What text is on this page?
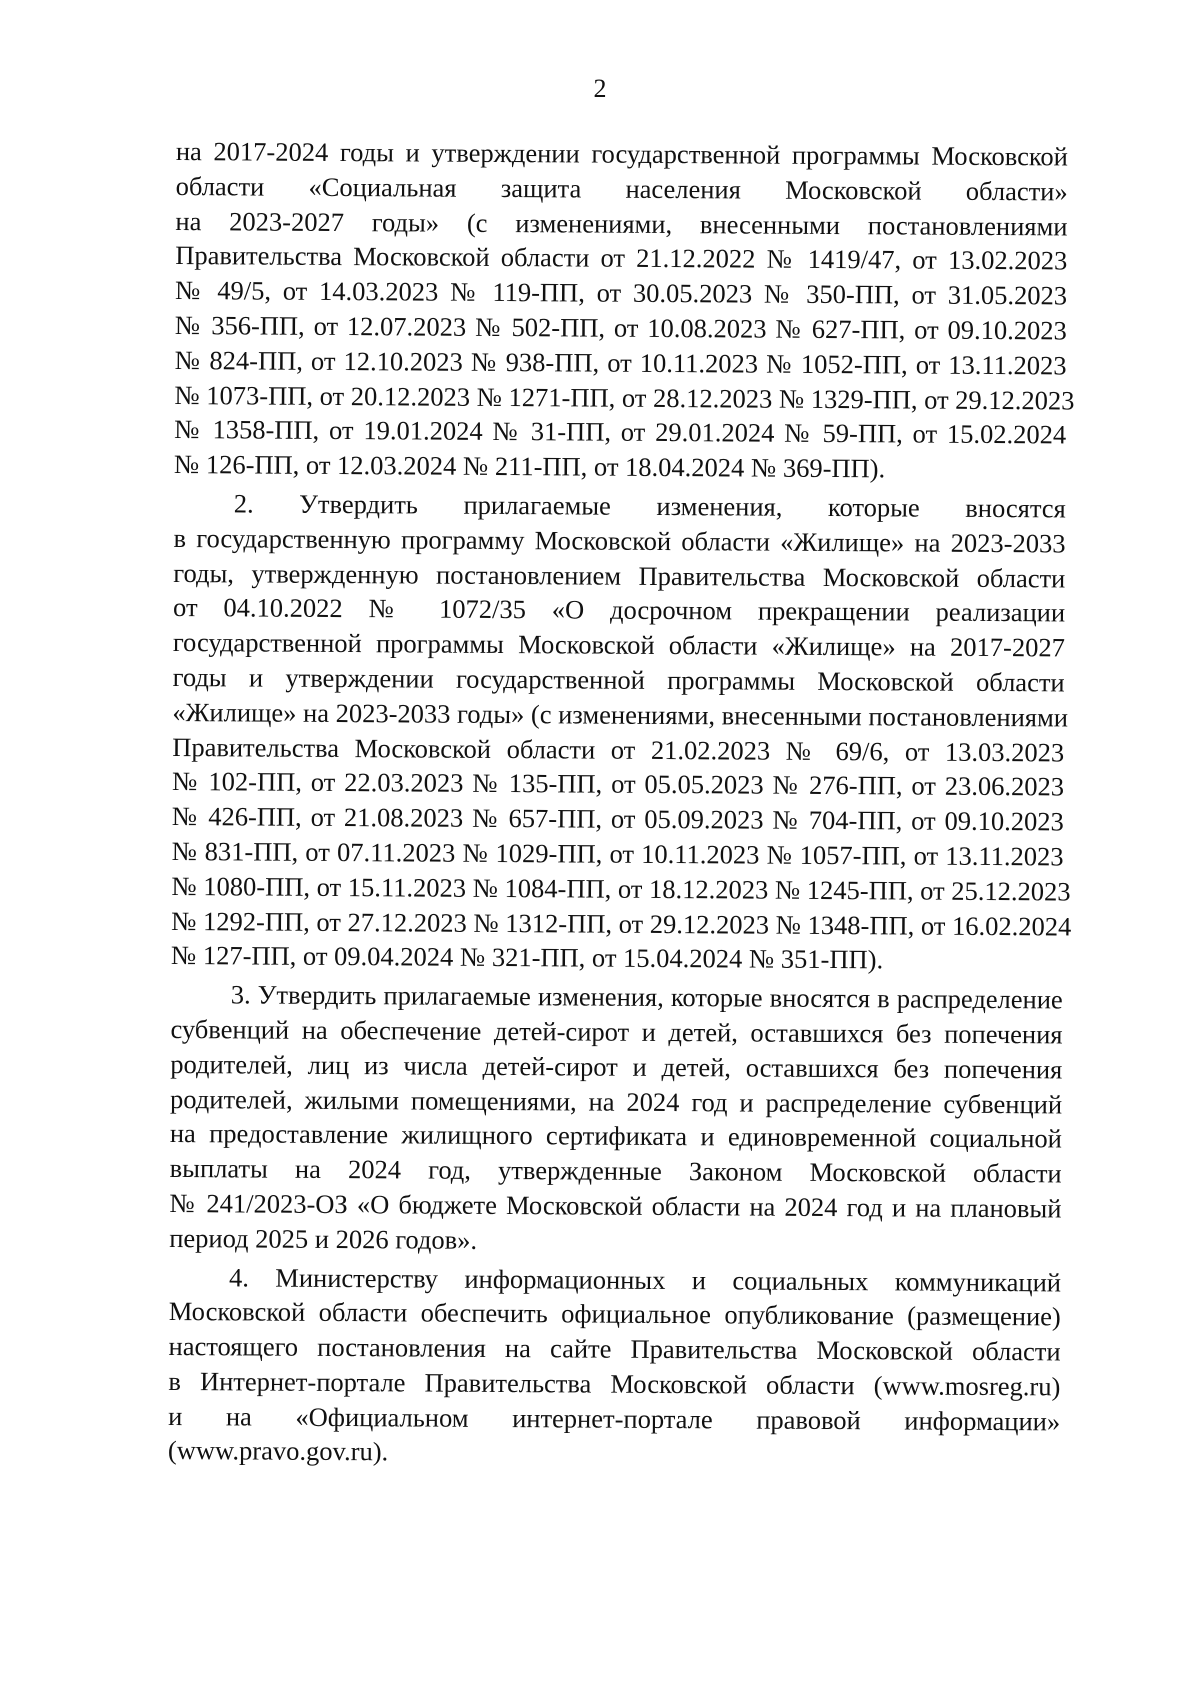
2
на 2017-2024 годы и утверждении государственной программы Московской
области «Социальная защита населения Московской области»
на 2023-2027 годы» (с изменениями, внесенными постановлениями
Правительства Московской области от 21.12.2022 № 1419/47, от 13.02.2023
№ 49/5, от 14.03.2023 № 119-ПП, от 30.05.2023 № 350-ПП, от 31.05.2023
№ 356-ПП, от 12.07.2023 № 502-ПП, от 10.08.2023 № 627-ПП, от 09.10.2023
№ 824-ПП, от 12.10.2023 № 938-ПП, от 10.11.2023 № 1052-ПП, от 13.11.2023
№ 1073-ПП, от 20.12.2023 № 1271-ПП, от 28.12.2023 № 1329-ПП, от 29.12.2023
№ 1358-ПП, от 19.01.2024 № 31-ПП, от 29.01.2024 № 59-ПП, от 15.02.2024
№ 126-ПП, от 12.03.2024 № 211-ПП, от 18.04.2024 № 369-ПП).
2. Утвердить прилагаемые изменения, которые вносятся
в государственную программу Московской области «Жилище» на 2023-2033
годы, утвержденную постановлением Правительства Московской области
от 04.10.2022 № 1072/35 «О досрочном прекращении реализации
государственной программы Московской области «Жилище» на 2017-2027
годы и утверждении государственной программы Московской области
«Жилище» на 2023-2033 годы» (с изменениями, внесенными постановлениями
Правительства Московской области от 21.02.2023 № 69/6, от 13.03.2023
№ 102-ПП, от 22.03.2023 № 135-ПП, от 05.05.2023 № 276-ПП, от 23.06.2023
№ 426-ПП, от 21.08.2023 № 657-ПП, от 05.09.2023 № 704-ПП, от 09.10.2023
№ 831-ПП, от 07.11.2023 № 1029-ПП, от 10.11.2023 № 1057-ПП, от 13.11.2023
№ 1080-ПП, от 15.11.2023 № 1084-ПП, от 18.12.2023 № 1245-ПП, от 25.12.2023
№ 1292-ПП, от 27.12.2023 № 1312-ПП, от 29.12.2023 № 1348-ПП, от 16.02.2024
№ 127-ПП, от 09.04.2024 № 321-ПП, от 15.04.2024 № 351-ПП).
3. Утвердить прилагаемые изменения, которые вносятся в распределение
субвенций на обеспечение детей-сирот и детей, оставшихся без попечения
родителей, лиц из числа детей-сирот и детей, оставшихся без попечения
родителей, жилыми помещениями, на 2024 год и распределение субвенций
на предоставление жилищного сертификата и единовременной социальной
выплаты на 2024 год, утвержденные Законом Московской области
№ 241/2023-ОЗ «О бюджете Московской области на 2024 год и на плановый
период 2025 и 2026 годов».
4. Министерству информационных и социальных коммуникаций
Московской области обеспечить официальное опубликование (размещение)
настоящего постановления на сайте Правительства Московской области
в Интернет-портале Правительства Московской области (www.mosreg.ru)
и на «Официальном интернет-портале правовой информации»
(www.pravo.gov.ru).
